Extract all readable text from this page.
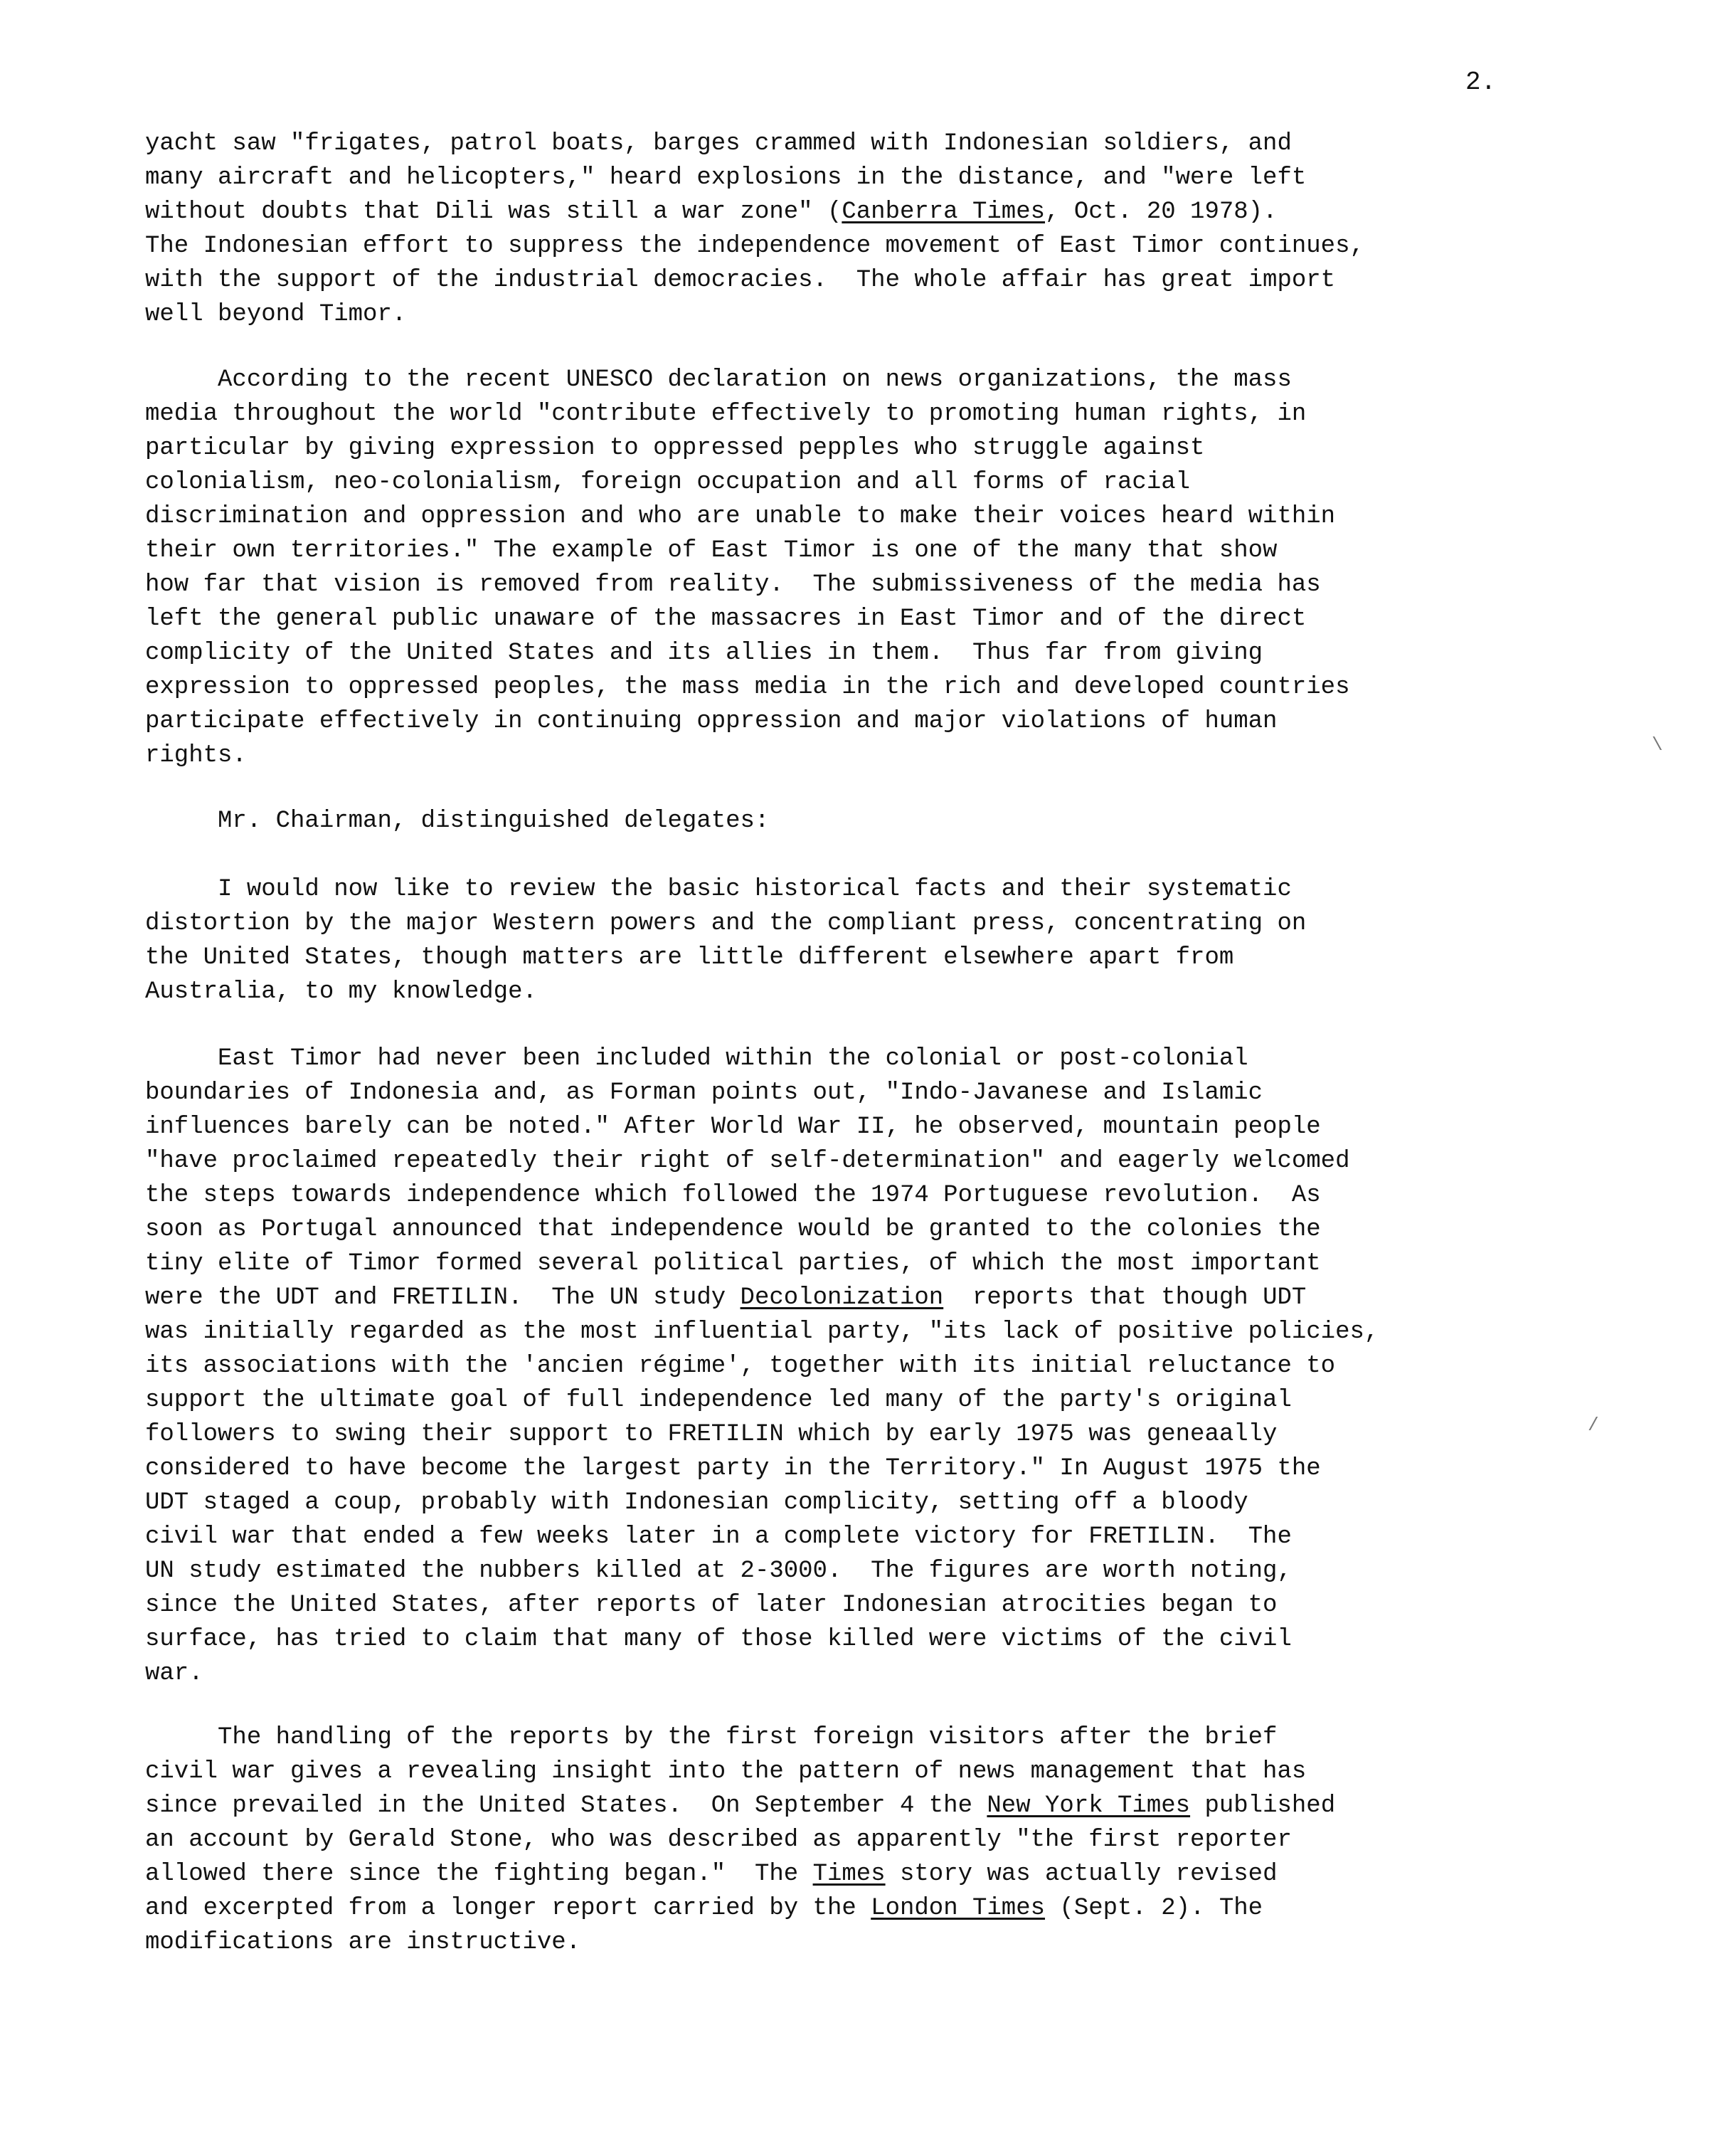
2.
yacht saw "frigates, patrol boats, barges crammed with Indonesian soldiers, and
many aircraft and helicopters," heard explosions in the distance, and "were left
without doubts that Dili was still a war zone" (Canberra Times, Oct. 20 1978).
The Indonesian effort to suppress the independence movement of East Timor continues,
with the support of the industrial democracies.  The whole affair has great import
well beyond Timor.
According to the recent UNESCO declaration on news organizations, the mass
media throughout the world "contribute effectively to promoting human rights, in
particular by giving expression to oppressed pepples who struggle against
colonialism, neo-colonialism, foreign occupation and all forms of racial
discrimination and oppression and who are unable to make their voices heard within
their own territories." The example of East Timor is one of the many that show
how far that vision is removed from reality.  The submissiveness of the media has
left the general public unaware of the massacres in East Timor and of the direct
complicity of the United States and its allies in them.  Thus far from giving
expression to oppressed peoples, the mass media in the rich and developed countries
participate effectively in continuing oppression and major violations of human
rights.
Mr. Chairman, distinguished delegates:
I would now like to review the basic historical facts and their systematic
distortion by the major Western powers and the compliant press, concentrating on
the United States, though matters are little different elsewhere apart from
Australia, to my knowledge.
East Timor had never been included within the colonial or post-colonial
boundaries of Indonesia and, as Forman points out, "Indo-Javanese and Islamic
influences barely can be noted." After World War II, he observed, mountain people
"have proclaimed repeatedly their right of self-determination" and eagerly welcomed
the steps towards independence which followed the 1974 Portuguese revolution.  As
soon as Portugal announced that independence would be granted to the colonies the
tiny elite of Timor formed several political parties, of which the most important
were the UDT and FRETILIN.  The UN study Decolonization  reports that though UDT
was initially regarded as the most influential party, "its lack of positive policies,
its associations with the 'ancien régime', together with its initial reluctance to
support the ultimate goal of full independence led many of the party's original
followers to swing their support to FRETILIN which by early 1975 was geneaally
considered to have become the largest party in the Territory." In August 1975 the
UDT staged a coup, probably with Indonesian complicity, setting off a bloody
civil war that ended a few weeks later in a complete victory for FRETILIN.  The
UN study estimated the nubbers killed at 2-3000.  The figures are worth noting,
since the United States, after reports of later Indonesian atrocities began to
surface, has tried to claim that many of those killed were victims of the civil
war.
The handling of the reports by the first foreign visitors after the brief
civil war gives a revealing insight into the pattern of news management that has
since prevailed in the United States.  On September 4 the New York Times published
an account by Gerald Stone, who was described as apparently "the first reporter
allowed there since the fighting began."  The Times story was actually revised
and excerpted from a longer report carried by the London Times (Sept. 2). The
modifications are instructive.
\
/
